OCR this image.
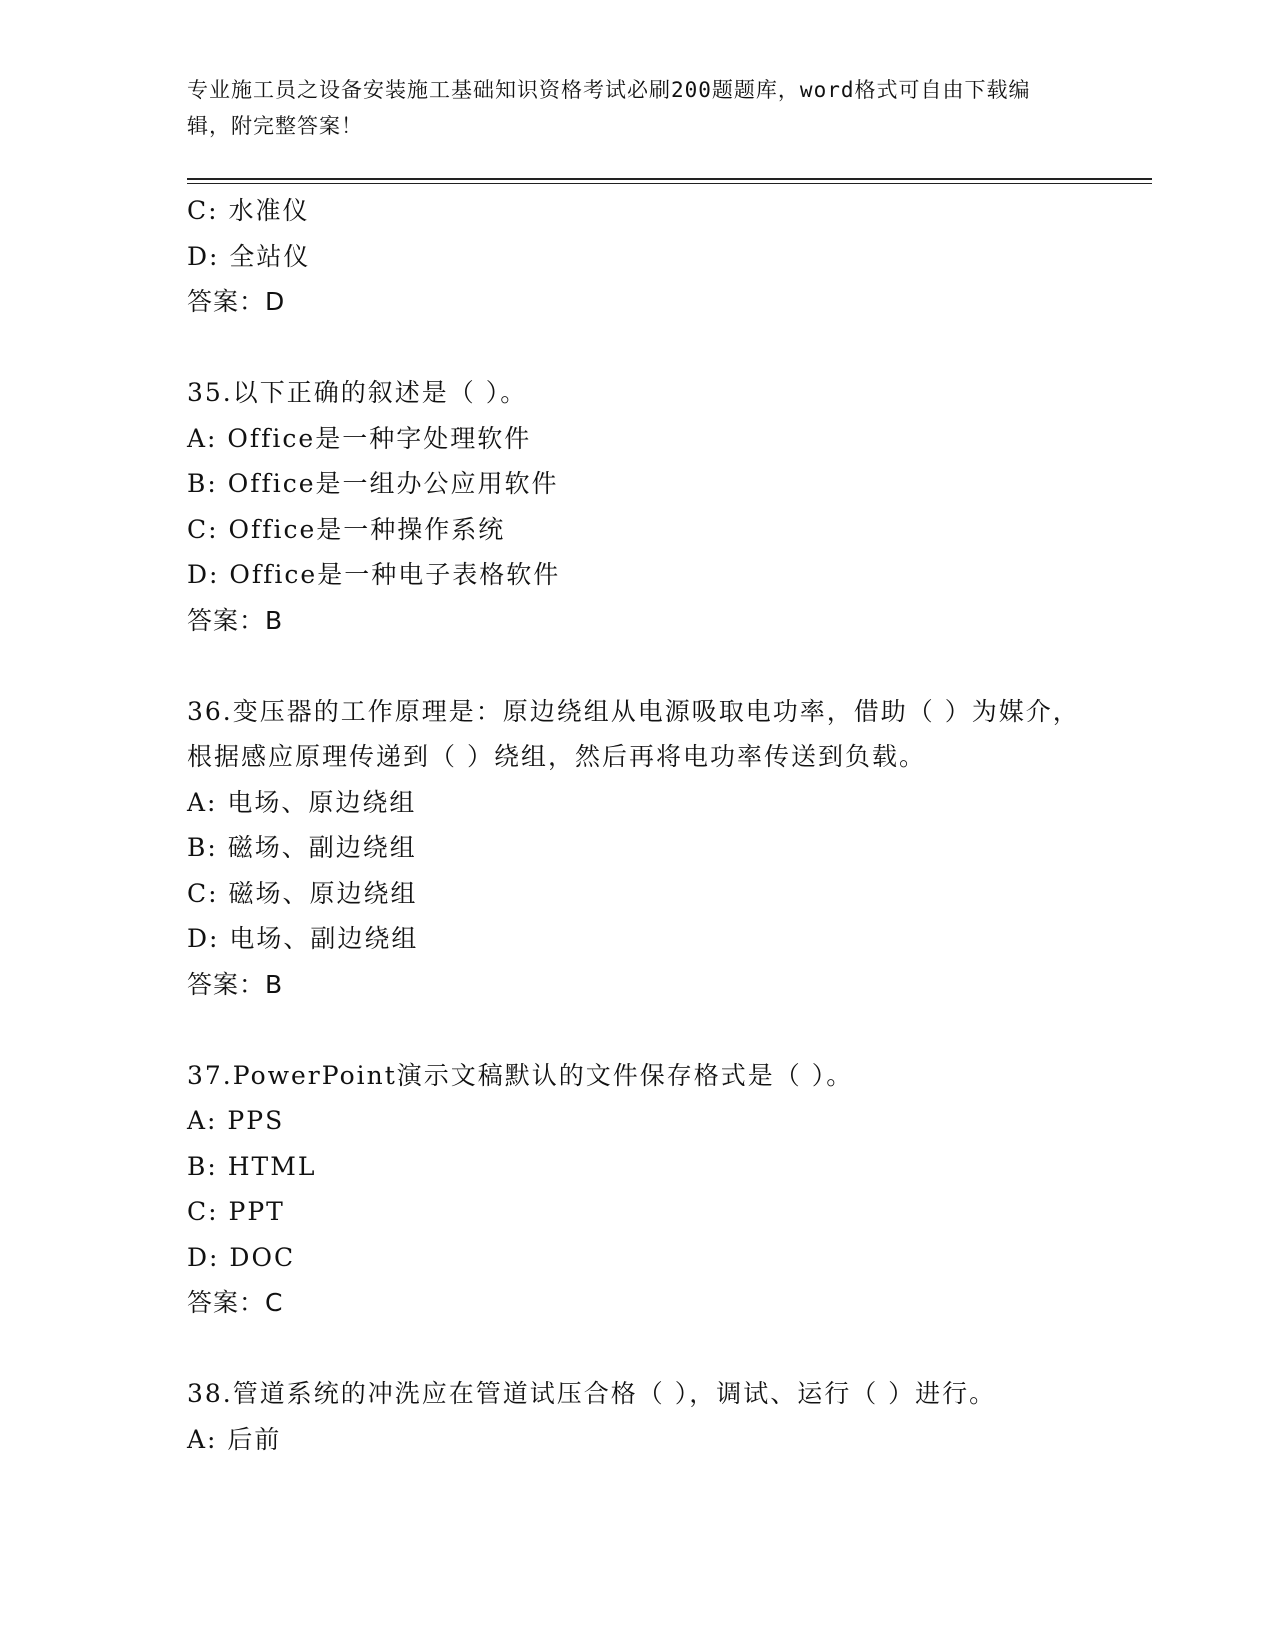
专业施工员之设备安装施工基础知识资格考试必刷200题题库，word格式可自由下载编辑，附完整答案！
C: 水准仪
D: 全站仪
答案：D
35.以下正确的叙述是（ ）。
A: Office是一种字处理软件
B: Office是一组办公应用软件
C: Office是一种操作系统
D: Office是一种电子表格软件
答案：B
36.变压器的工作原理是：原边绕组从电源吸取电功率，借助（ ）为媒介，根据感应原理传递到（ ）绕组，然后再将电功率传送到负载。
A: 电场、原边绕组
B: 磁场、副边绕组
C: 磁场、原边绕组
D: 电场、副边绕组
答案：B
37.PowerPoint演示文稿默认的文件保存格式是（ ）。
A: PPS
B: HTML
C: PPT
D: DOC
答案：C
38.管道系统的冲洗应在管道试压合格（ ），调试、运行（ ）进行。
A: 后前
